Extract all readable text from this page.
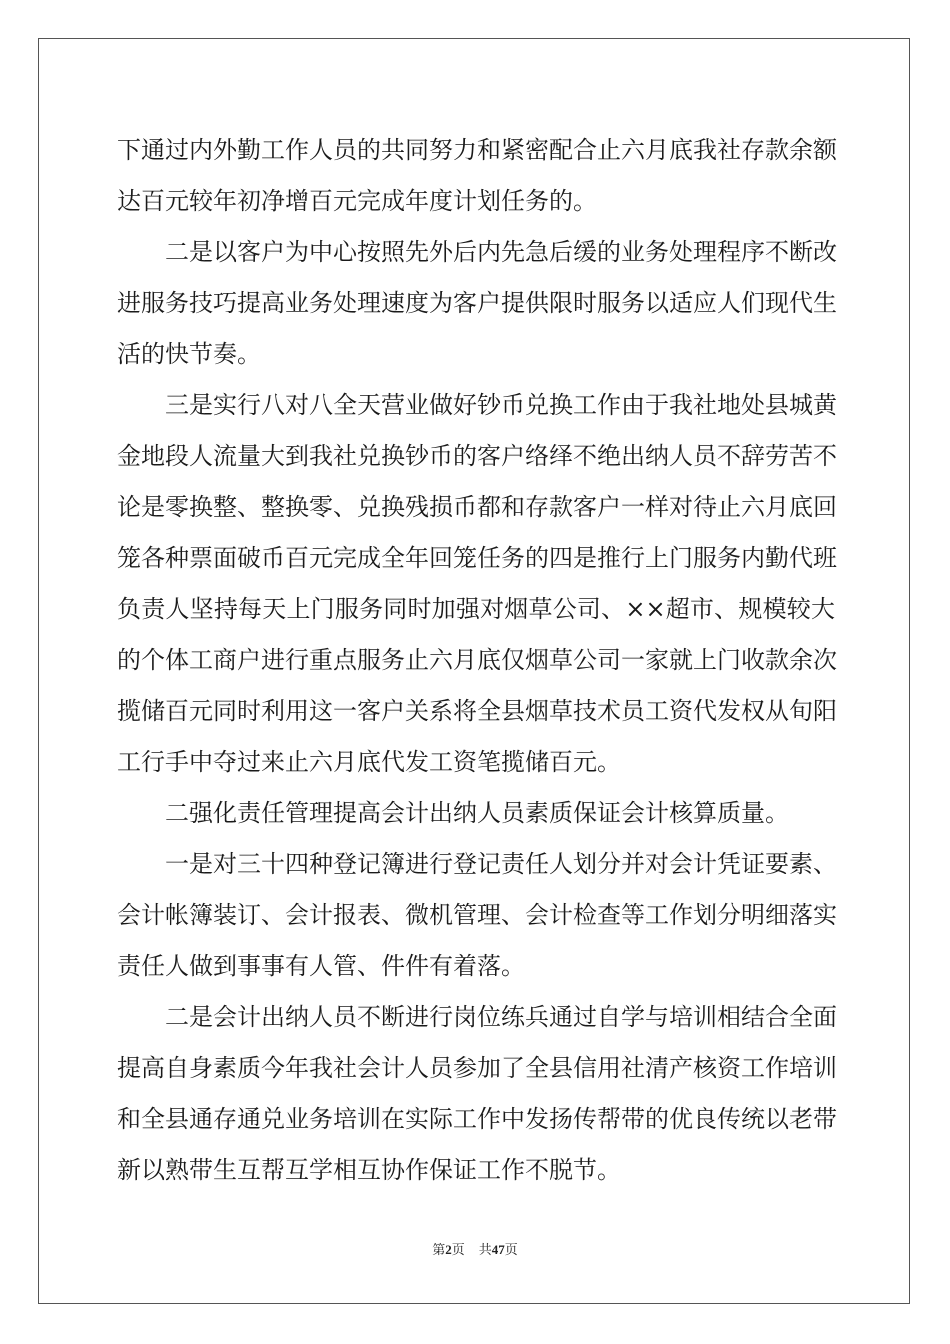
下通过内外勤工作人员的共同努力和紧密配合止六月底我社存款余额
达百元较年初净增百元完成年度计划任务的。
　　二是以客户为中心按照先外后内先急后缓的业务处理程序不断改
进服务技巧提高业务处理速度为客户提供限时服务以适应人们现代生
活的快节奏。
　　三是实行八对八全天营业做好钞币兑换工作由于我社地处县城黄
金地段人流量大到我社兑换钞币的客户络绎不绝出纳人员不辞劳苦不
论是零换整、整换零、兑换残损币都和存款客户一样对待止六月底回
笼各种票面破币百元完成全年回笼任务的四是推行上门服务内勤代班
负责人坚持每天上门服务同时加强对烟草公司、××超市、规模较大
的个体工商户进行重点服务止六月底仅烟草公司一家就上门收款余次
揽储百元同时利用这一客户关系将全县烟草技术员工资代发权从旬阳
工行手中夺过来止六月底代发工资笔揽储百元。
　　二强化责任管理提高会计出纳人员素质保证会计核算质量。
　　一是对三十四种登记簿进行登记责任人划分并对会计凭证要素、
会计帐簿装订、会计报表、微机管理、会计检查等工作划分明细落实
责任人做到事事有人管、件件有着落。
　　二是会计出纳人员不断进行岗位练兵通过自学与培训相结合全面
提高自身素质今年我社会计人员参加了全县信用社清产核资工作培训
和全县通存通兑业务培训在实际工作中发扬传帮带的优良传统以老带
新以熟带生互帮互学相互协作保证工作不脱节。
第2页 共47页
